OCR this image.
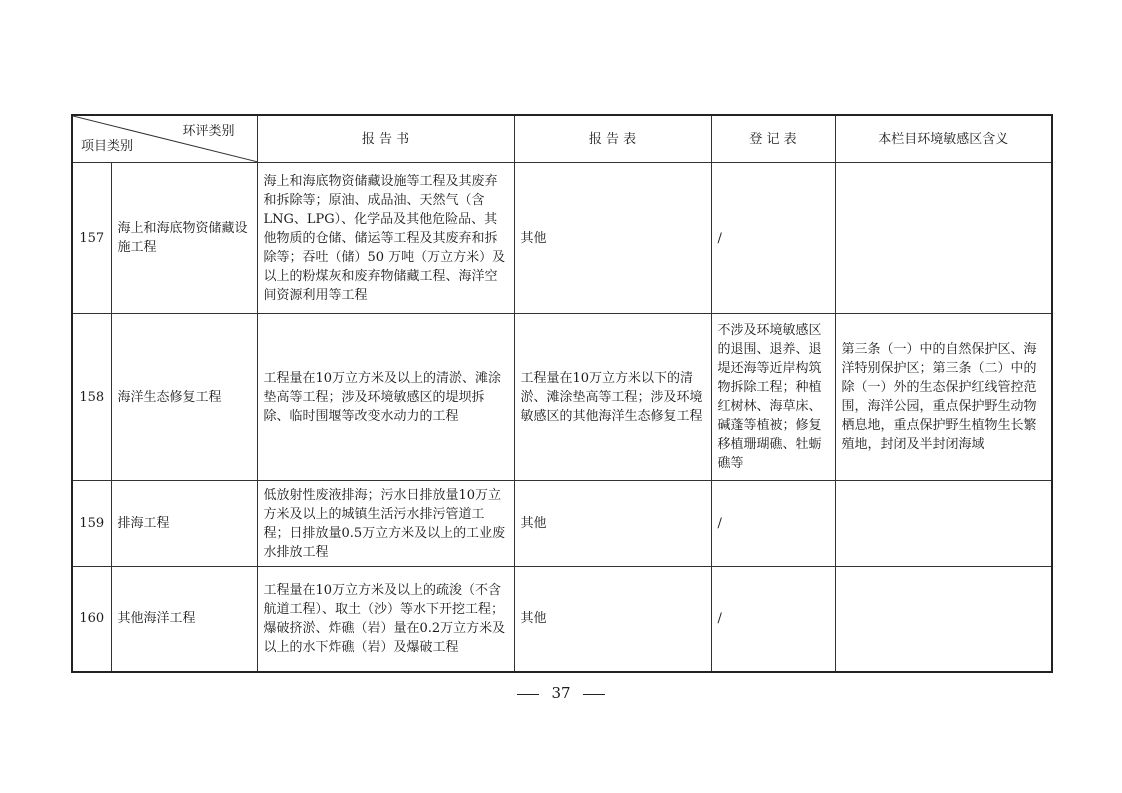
环评类别
项目类别		报 告 书	报 告 表	登 记 表	本栏目环境敏感区含义
157	海上和海底物资储藏设施工程	海上和海底物资储藏设施等工程及其废弃和拆除等；原油、成品油、天然气（含LNG、LPG）、化学品及其他危险品、其他物质的仓储、储运等工程及其废弃和拆除等；吞吐（储）50 万吨（万立方米）及以上的粉煤灰和废弃物储藏工程、海洋空间资源利用等工程	其他	/	
158	海洋生态修复工程	工程量在10万立方米及以上的清淤、滩涂垫高等工程；涉及环境敏感区的堤坝拆除、临时围堰等改变水动力的工程	工程量在10万立方米以下的清淤、滩涂垫高等工程；涉及环境敏感区的其他海洋生态修复工程	不涉及环境敏感区的退围、退养、退堤还海等近岸构筑物拆除工程；种植红树林、海草床、碱蓬等植被；修复移植珊瑚礁、牡蛎礁等	第三条（一）中的自然保护区、海洋特别保护区；第三条（二）中的除（一）外的生态保护红线管控范围，海洋公园，重点保护野生动物栖息地，重点保护野生植物生长繁殖地，封闭及半封闭海域
159	排海工程	低放射性废液排海；污水日排放量10万立方米及以上的城镇生活污水排污管道工程；日排放量0.5万立方米及以上的工业废水排放工程	其他	/	
160	其他海洋工程	工程量在10万立方米及以上的疏浚（不含航道工程）、取土（沙）等水下开挖工程；爆破挤淤、炸礁（岩）量在0.2万立方米及以上的水下炸礁（岩）及爆破工程	其他	/	
37
